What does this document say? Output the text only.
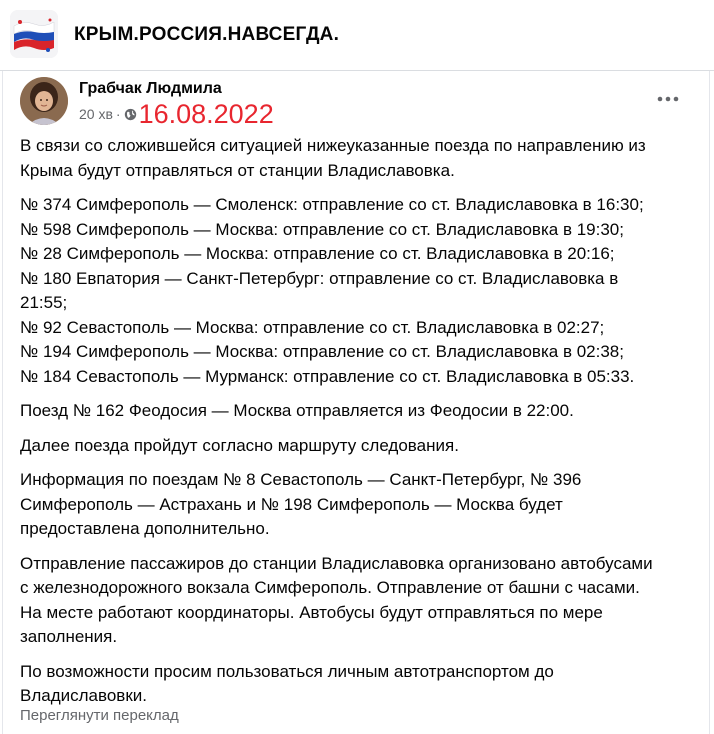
КРЫМ.РОССИЯ.НАВСЕГДА.
Грабчак Людмила
20 хв · 16.08.2022

В связи со сложившейся ситуацией нижеуказанные поезда по направлению из
Крыма будут отправляться от станции Владиславовка.

№ 374 Симферополь — Смоленск: отправление со ст. Владиславовка в 16:30;
№ 598 Симферополь — Москва: отправление со ст. Владиславовка в 19:30;
№ 28 Симферополь — Москва: отправление со ст. Владиславовка в 20:16;
№ 180 Евпатория — Санкт-Петербург: отправление со ст. Владиславовка в
21:55;
№ 92 Севастополь — Москва: отправление со ст. Владиславовка в 02:27;
№ 194 Симферополь — Москва: отправление со ст. Владиславовка в 02:38;
№ 184 Севастополь — Мурманск: отправление со ст. Владиславовка в 05:33.

Поезд № 162 Феодосия — Москва отправляется из Феодосии в 22:00.

Далее поезда пройдут согласно маршруту следования.

Информация по поездам № 8 Севастополь — Санкт-Петербург, № 396
Симферополь — Астрахань и № 198 Симферополь — Москва будет
предоставлена дополнительно.

Отправление пассажиров до станции Владиславовка организовано автобусами
с железнодорожного вокзала Симферополь. Отправление от башни с часами.
На месте работают координаторы. Автобусы будут отправляться по мере
заполнения.

По возможности просим пользоваться личным автотранспортом до
Владиславовки.

Переглянути переклад
